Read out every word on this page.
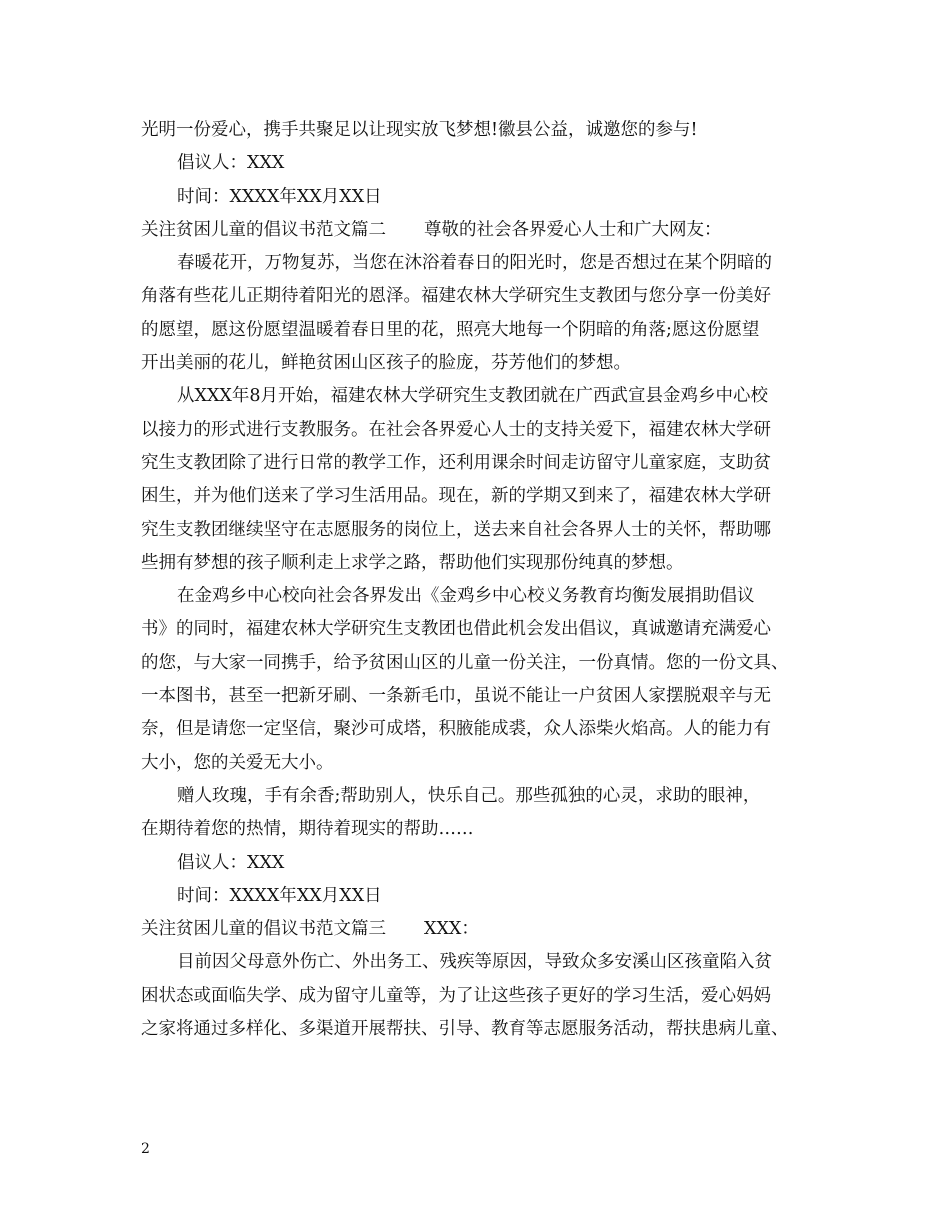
光明一份爱心，携手共聚足以让现实放飞梦想!徽县公益，诚邀您的参与!
倡议人：XXX
时间：XXXX年XX月XX日
关注贫困儿童的倡议书范文篇二 尊敬的社会各界爱心人士和广大网友：
春暖花开，万物复苏，当您在沐浴着春日的阳光时，您是否想过在某个阴暗的
角落有些花儿正期待着阳光的恩泽。福建农林大学研究生支教团与您分享一份美好
的愿望，愿这份愿望温暖着春日里的花，照亮大地每一个阴暗的角落;愿这份愿望
开出美丽的花儿，鲜艳贫困山区孩子的脸庞，芬芳他们的梦想。
从XXX年8月开始，福建农林大学研究生支教团就在广西武宣县金鸡乡中心校
以接力的形式进行支教服务。在社会各界爱心人士的支持关爱下，福建农林大学研
究生支教团除了进行日常的教学工作，还利用课余时间走访留守儿童家庭，支助贫
困生，并为他们送来了学习生活用品。现在，新的学期又到来了，福建农林大学研
究生支教团继续坚守在志愿服务的岗位上，送去来自社会各界人士的关怀，帮助哪
些拥有梦想的孩子顺利走上求学之路，帮助他们实现那份纯真的梦想。
在金鸡乡中心校向社会各界发出《金鸡乡中心校义务教育均衡发展捐助倡议
书》的同时，福建农林大学研究生支教团也借此机会发出倡议，真诚邀请充满爱心
的您，与大家一同携手，给予贫困山区的儿童一份关注，一份真情。您的一份文具、
一本图书，甚至一把新牙刷、一条新毛巾，虽说不能让一户贫困人家摆脱艰辛与无
奈，但是请您一定坚信，聚沙可成塔，积腋能成裘，众人添柴火焰高。人的能力有
大小，您的关爱无大小。
赠人玫瑰，手有余香;帮助别人，快乐自己。那些孤独的心灵，求助的眼神，
在期待着您的热情，期待着现实的帮助……
倡议人：XXX
时间：XXXX年XX月XX日
关注贫困儿童的倡议书范文篇三 XXX：
目前因父母意外伤亡、外出务工、残疾等原因，导致众多安溪山区孩童陷入贫
困状态或面临失学、成为留守儿童等，为了让这些孩子更好的学习生活，爱心妈妈
之家将通过多样化、多渠道开展帮扶、引导、教育等志愿服务活动，帮扶患病儿童、
2
